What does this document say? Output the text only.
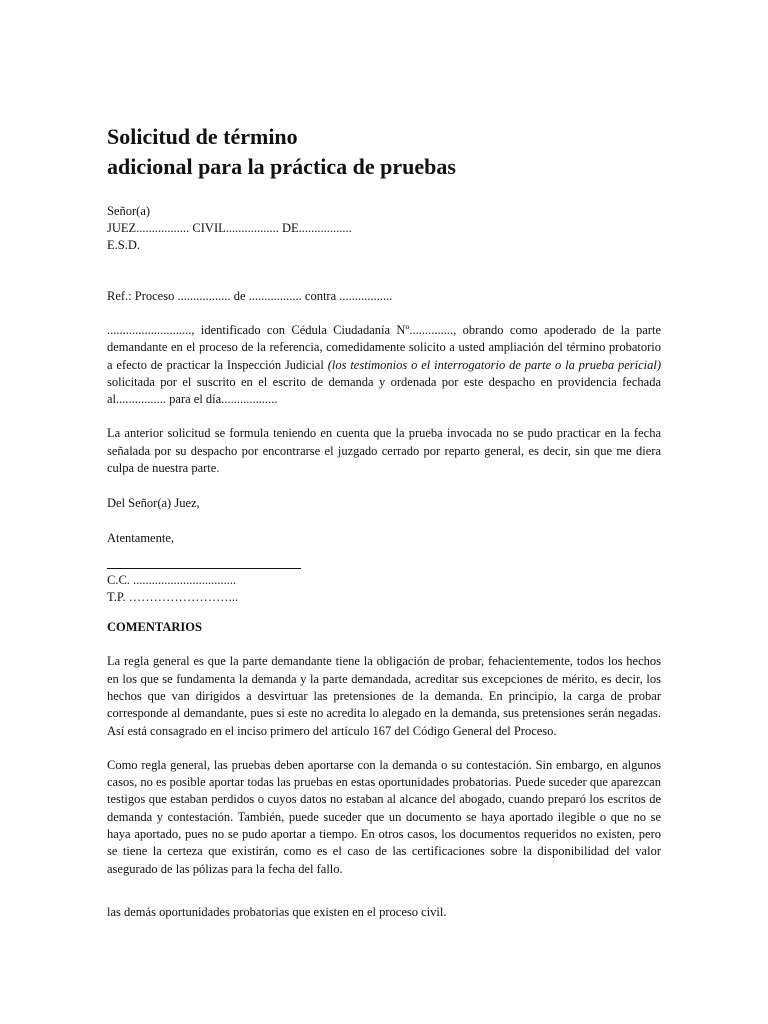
Solicitud de término
adicional para la práctica de pruebas
Señor(a)
JUEZ................. CIVIL................. DE.................
E.S.D.
Ref.: Proceso ................. de ................. contra .................

..........................., identificado con Cédula Ciudadanía Nº.............., obrando como apoderado de la parte demandante en el proceso de la referencia, comedidamente solicito a usted ampliación del término probatorio a efecto de practicar la Inspección Judicial (los testimonios o el interrogatorio de parte o la prueba pericial) solicitada por el suscrito en el escrito de demanda y ordenada por este despacho en providencia fechada al................ para el día..................

La anterior solicitud se formula teniendo en cuenta que la prueba invocada no se pudo practicar en la fecha señalada por su despacho por encontrarse el juzgado cerrado por reparto general, es decir, sin que me diera culpa de nuestra parte.

Del Señor(a) Juez,
Atentamente,
C.C. .................................
T.P. ……………………...
COMENTARIOS

La regla general es que la parte demandante tiene la obligación de probar, fehacientemente, todos los hechos en los que se fundamenta la demanda y la parte demandada, acreditar sus excepciones de mérito, es decir, los hechos que van dirigidos a desvirtuar las pretensiones de la demanda. En principio, la carga de probar corresponde al demandante, pues si este no acredita lo alegado en la demanda, sus pretensiones serán negadas. Así está consagrado en el inciso primero del artículo 167 del Código General del Proceso.

Como regla general, las pruebas deben aportarse con la demanda o su contestación. Sin embargo, en algunos casos, no es posible aportar todas las pruebas en estas oportunidades probatorias. Puede suceder que aparezcan testigos que estaban perdidos o cuyos datos no estaban al alcance del abogado, cuando preparó los escritos de demanda y contestación. También, puede suceder que un documento se haya aportado ilegible o que no se haya aportado, pues no se pudo aportar a tiempo. En otros casos, los documentos requeridos no existen, pero se tiene la certeza que existirán, como es el caso de las certificaciones sobre la disponibilidad del valor asegurado de las pólizas para la fecha del fallo.

las demás oportunidades probatorias que existen en el proceso civil.
